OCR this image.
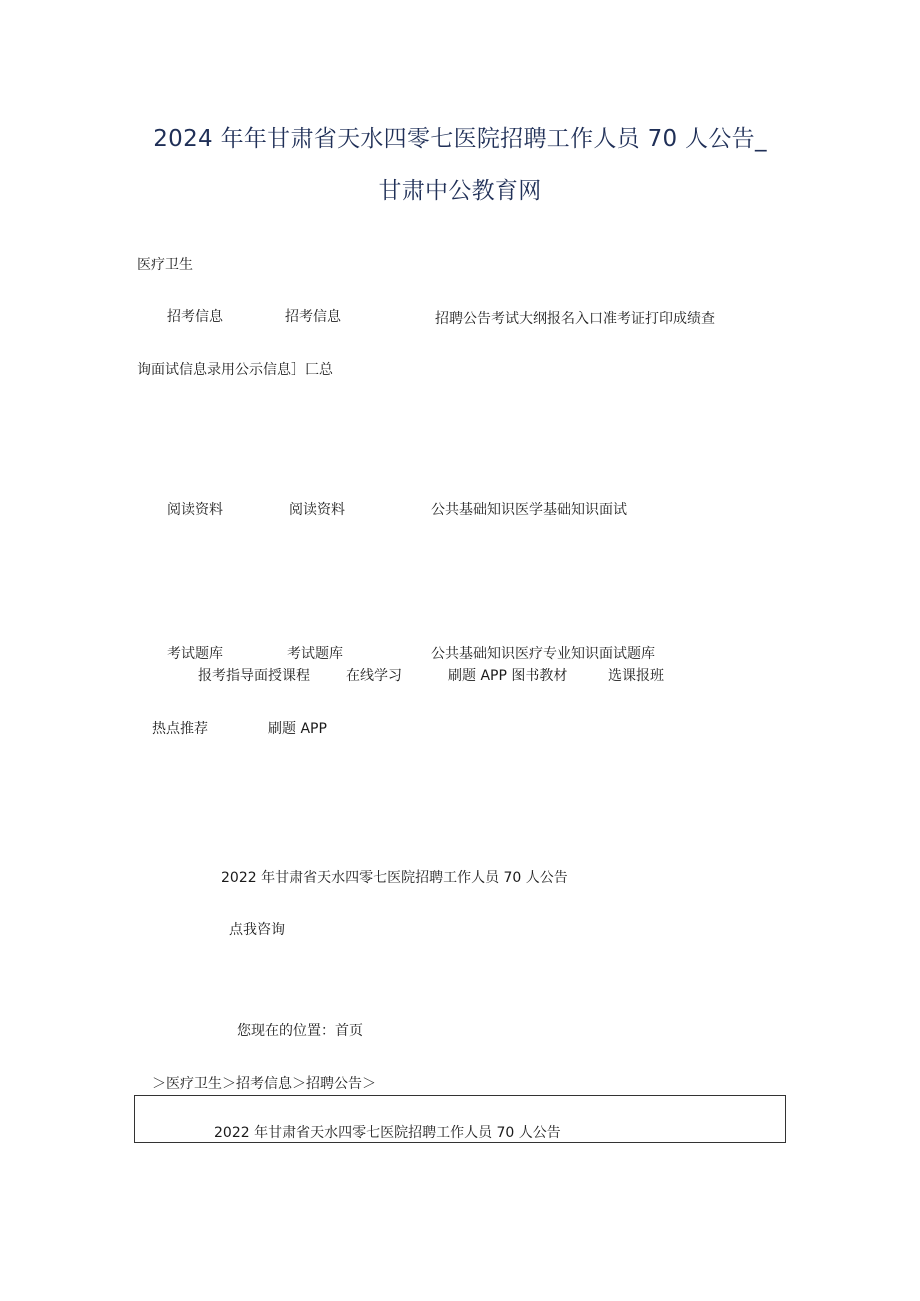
2024 年年甘肃省天水四零七医院招聘工作人员 70 人公告_
甘肃中公教育网
医疗卫生
招考信息	招考信息	招聘公告考试大纲报名入口准考证打印成绩查
询面试信息录用公示信息］匚总
阅读资料	阅读资料	公共基础知识医学基础知识面试
考试题库	考试题库	公共基础知识医疗专业知识面试题库
报考指导面授课程	在线学习	刷题 APP 图书教材	选课报班
热点推荐	刷题 APP
2022 年甘肃省天水四零七医院招聘工作人员 70 人公告
点我咨询
您现在的位置：首页
＞医疗卫生＞招考信息＞招聘公告＞
2022 年甘肃省天水四零七医院招聘工作人员 70 人公告
